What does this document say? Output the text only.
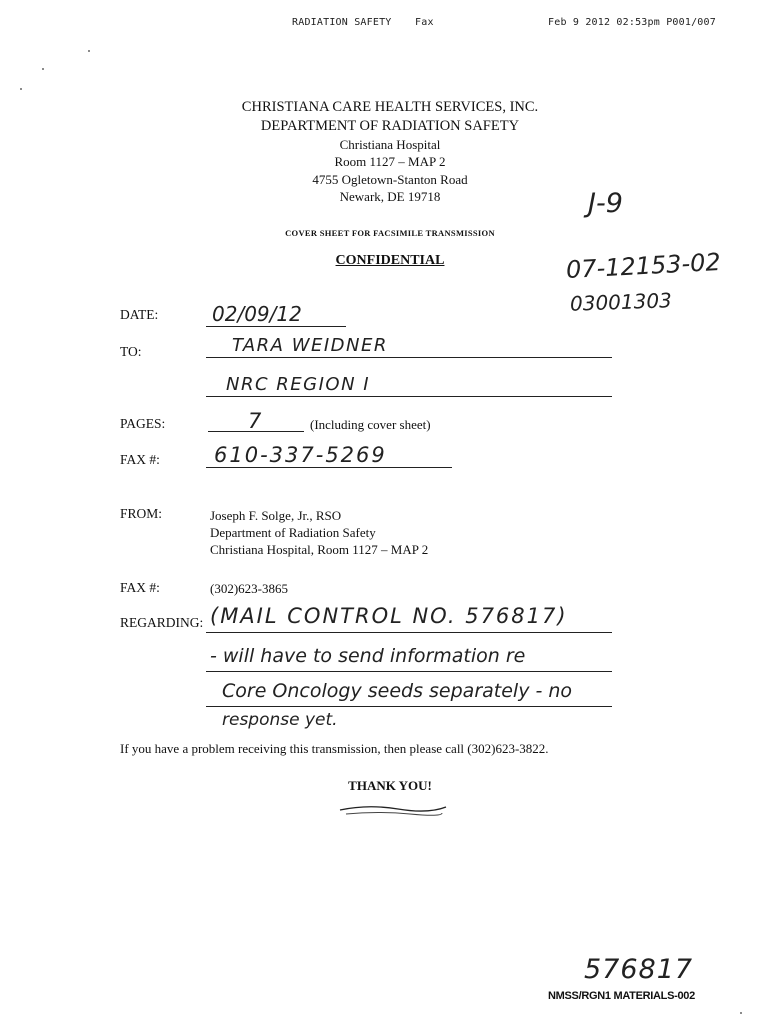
RADIATION SAFETY Fax	Feb 9 2012 02:53pm P001/007
CHRISTIANA CARE HEALTH SERVICES, INC.
DEPARTMENT OF RADIATION SAFETY
Christiana Hospital
Room 1127 – MAP 2
4755 Ogletown-Stanton Road
Newark, DE 19718
COVER SHEET FOR FACSIMILE TRANSMISSION
CONFIDENTIAL
J-9
07-12153-02
03001303
DATE:	02/09/12
TO:	TARA WEIDNER
NRC REGION I
PAGES:	7	(Including cover sheet)
FAX #:	610-337-5269
FROM:	Joseph F. Solge, Jr., RSO
Department of Radiation Safety
Christiana Hospital, Room 1127 – MAP 2
FAX #:	(302)623-3865
REGARDING: (MAIL CONTROL NO. 576817)
- will have to send information re
Core Oncology seeds separately - no
response yet.
If you have a problem receiving this transmission, then please call (302)623-3822.
THANK YOU!
576817
NMSS/RGN1 MATERIALS-002
